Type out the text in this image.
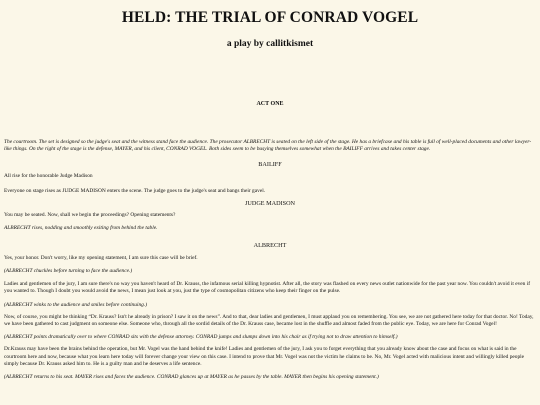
HELD: THE TRIAL OF CONRAD VOGEL
a play by callitkismet
ACT ONE
The courtroom. The set is designed so the judge's seat and the witness stand face the audience. The prosecutor ALBRECHT is seated on the left side of the stage. He has a briefcase and his table is full of well-placed documents and other lawyer-like things. On the right of the stage is the defense, MAYER, and his client, CONRAD VOGEL. Both sides seem to be busying themselves somewhat when the BAILIFF arrives and takes center stage.
BAILIFF
All rise for the honorable Judge Madison
Everyone on stage rises as JUDGE MADISON enters the scene. The judge goes to the judge's seat and bangs their gavel.
JUDGE MADISON
You may be seated. Now, shall we begin the proceedings? Opening statements?
ALBRECHT rises, nodding and smoothly exiting from behind the table.
ALBRECHT
Yes, your honor. Don't worry, like my opening statement, I am sure this case will be brief.
(ALBRECHT chuckles before turning to face the audience.)
Ladies and gentlemen of the jury, I am sure there's no way you haven't heard of Dr. Krauss, the infamous serial killing hypnotist. After all, the story was flashed on every news outlet nationwide for the past year now. You couldn't avoid it even if you wanted to. Though I doubt you would avoid the news, I mean just look at you, just the type of cosmopolitan citizens who keep their finger on the pulse.
(ALBRECHT winks to the audience and smiles before continuing.)
Now, of course, you might be thinking “Dr. Krauss? Isn't he already in prison? I saw it on the news”. And to that, dear ladies and gentlemen, I must applaud you on remembering. You see, we are not gathered here today for that doctor. No! Today, we have been gathered to cast judgment on someone else. Someone who, through all the sordid details of the Dr. Krauss case, became lost in the shuffle and almost faded from the public eye. Today, we are here for Conrad Vogel!
(ALBRECHT points dramatically over to where CONRAD sits with the defense attorney. CONRAD jumps and slumps down into his chair as if trying not to draw attention to himself.)
Dr.Krauss may have been the brains behind the operation, but Mr. Vogel was the hand behind the knife! Ladies and gentlemen of the jury, I ask you to forget everything that you already know about the case and focus on what is said in the courtroom here and now, because what you learn here today will forever change your view on this case. I intend to prove that Mr. Vogel was not the victim he claims to be. No, Mr. Vogel acted with malicious intent and willingly killed people simply because Dr. Krauss asked him to. He is a guilty man and he deserves a life sentence.
(ALBRECHT returns to his seat. MAYER rises and faces the audience. CONRAD glances up at MAYER as he passes by the table. MAYER then begins his opening statement.)
